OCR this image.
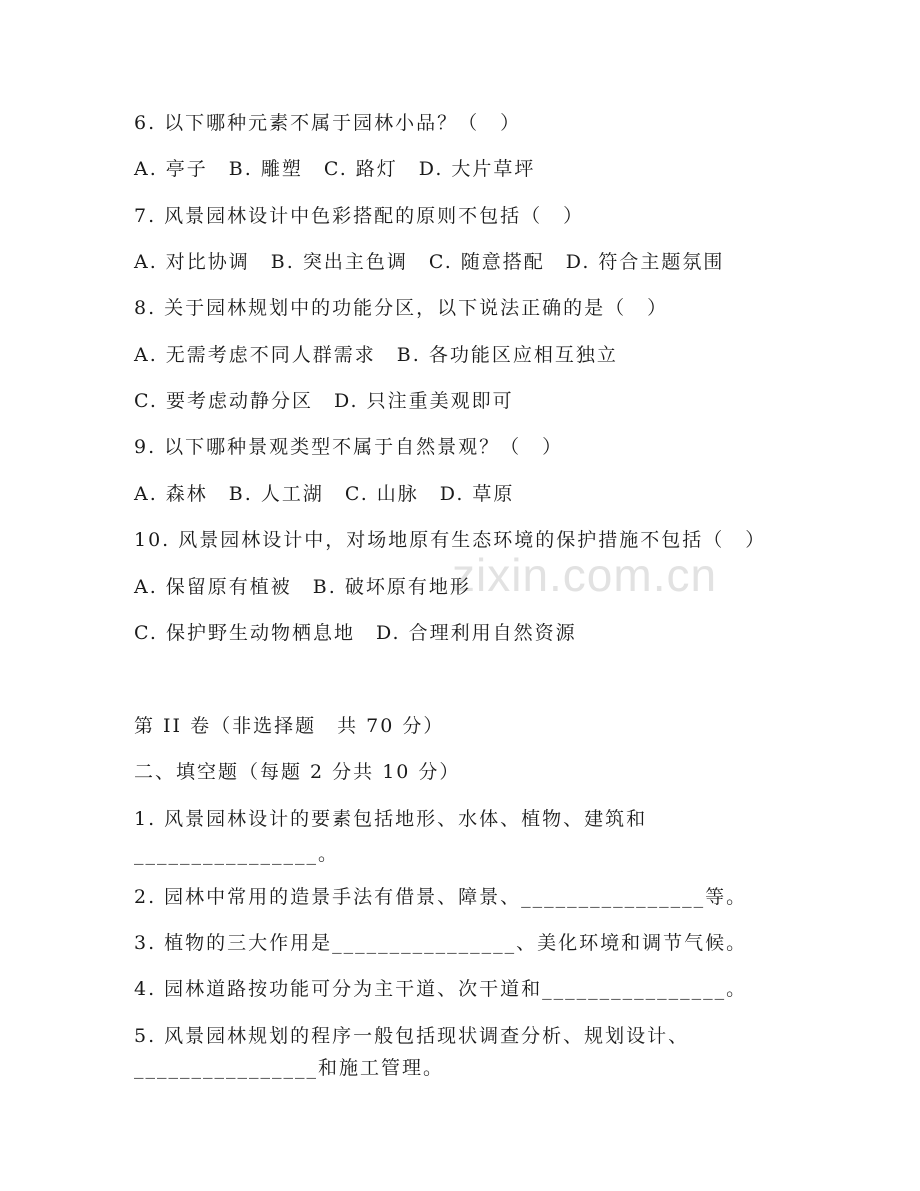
zixin.com.cn
6. 以下哪种元素不属于园林小品？（　）
A. 亭子　B. 雕塑　C. 路灯　D. 大片草坪
7. 风景园林设计中色彩搭配的原则不包括（　）
A. 对比协调　B. 突出主色调　C. 随意搭配　D. 符合主题氛围
8. 关于园林规划中的功能分区，以下说法正确的是（　）
A. 无需考虑不同人群需求　B. 各功能区应相互独立
C. 要考虑动静分区　D. 只注重美观即可
9. 以下哪种景观类型不属于自然景观？（　）
A. 森林　B. 人工湖　C. 山脉　D. 草原
10. 风景园林设计中，对场地原有生态环境的保护措施不包括（　）
A. 保留原有植被　B. 破坏原有地形
C. 保护野生动物栖息地　D. 合理利用自然资源
第 II 卷（非选择题　共 70 分）
二、填空题（每题 2 分共 10 分）
1. 风景园林设计的要素包括地形、水体、植物、建筑和
________________。
2. 园林中常用的造景手法有借景、障景、________________等。
3. 植物的三大作用是________________、美化环境和调节气候。
4. 园林道路按功能可分为主干道、次干道和________________。
5. 风景园林规划的程序一般包括现状调查分析、规划设计、
________________和施工管理。
